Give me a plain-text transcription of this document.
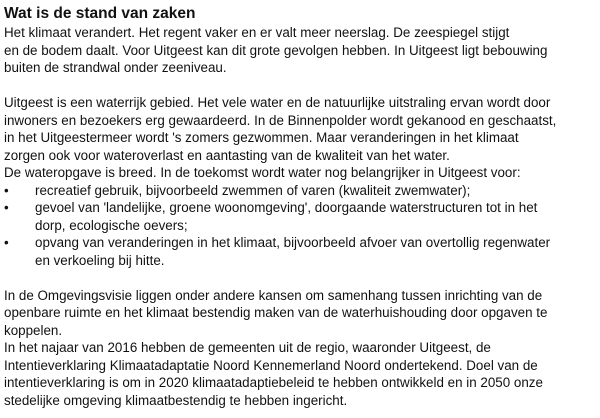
Wat is de stand van zaken
Het klimaat verandert. Het regent vaker en er valt meer neerslag. De zeespiegel stijgt
en de bodem daalt. Voor Uitgeest kan dit grote gevolgen hebben. In Uitgeest ligt bebouwing
buiten de strandwal onder zeeniveau.
Uitgeest is een waterrijk gebied. Het vele water en de natuurlijke uitstraling ervan wordt door
inwoners en bezoekers erg gewaardeerd. In de Binnenpolder wordt gekanood en geschaatst,
in het Uitgeestermeer wordt 's zomers gezwommen. Maar veranderingen in het klimaat
zorgen ook voor wateroverlast en aantasting van de kwaliteit van het water.
De wateropgave is breed. In de toekomst wordt water nog belangrijker in Uitgeest voor:
•	recreatief gebruik, bijvoorbeeld zwemmen of varen (kwaliteit zwemwater);
•	gevoel van 'landelijke, groene woonomgeving', doorgaande waterstructuren tot in het
dorp, ecologische oevers;
•	opvang van veranderingen in het klimaat, bijvoorbeeld afvoer van overtollig regenwater
en verkoeling bij hitte.
In de Omgevingsvisie liggen onder andere kansen om samenhang tussen inrichting van de
openbare ruimte en het klimaat bestendig maken van de waterhuishouding door opgaven te
koppelen.
In het najaar van 2016 hebben de gemeenten uit de regio, waaronder Uitgeest, de
Intentieverklaring Klimaatadaptatie Noord Kennemerland Noord ondertekend. Doel van de
intentieverklaring is om in 2020 klimaatadaptiebeleid te hebben ontwikkeld en in 2050 onze
stedelijke omgeving klimaatbestendig te hebben ingericht.
